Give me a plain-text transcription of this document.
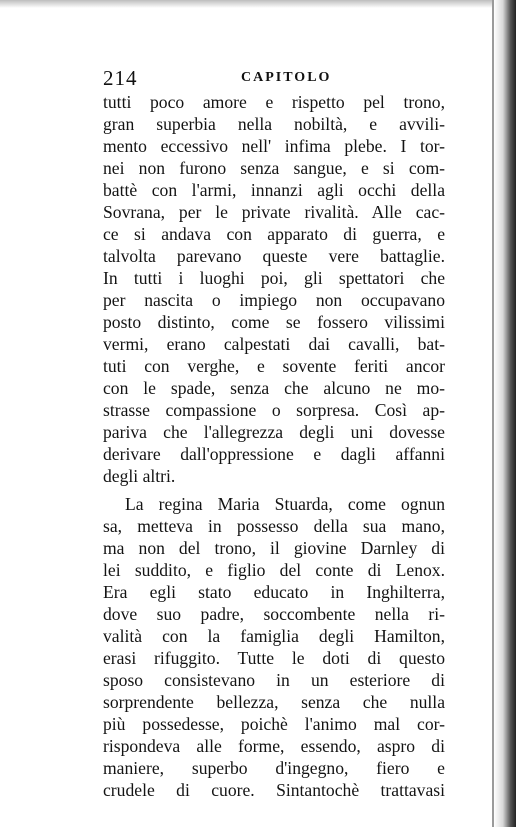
214	CAPITOLO
tutti poco amore e rispetto pel trono,
gran superbia nella nobiltà, e avvili-
mento eccessivo nell' infima plebe. I tor-
nei non furono senza sangue, e si com-
battè con l'armi, innanzi agli occhi della
Sovrana, per le private rivalità. Alle cac-
ce si andava con apparato di guerra, e
talvolta parevano queste vere battaglie.
In tutti i luoghi poi, gli spettatori che
per nascita o impiego non occupavano
posto distinto, come se fossero vilissimi
vermi, erano calpestati dai cavalli, bat-
tuti con verghe, e sovente feriti ancor
con le spade, senza che alcuno ne mo-
strasse compassione o sorpresa. Così ap-
pariva che l'allegrezza degli uni dovesse
derivare dall'oppressione e dagli affanni
degli altri.
La regina Maria Stuarda, come ognun
sa, metteva in possesso della sua mano,
ma non del trono, il giovine Darnley di
lei suddito, e figlio del conte di Lenox.
Era egli stato educato in Inghilterra,
dove suo padre, soccombente nella ri-
valità con la famiglia degli Hamilton,
erasi rifuggito. Tutte le doti di questo
sposo consistevano in un esteriore di
sorprendente bellezza, senza che nulla
più possedesse, poichè l'animo mal cor-
rispondeva alle forme, essendo, aspro di
maniere, superbo d'ingegno, fiero e
crudele di cuore. Sintantochè trattavasi
